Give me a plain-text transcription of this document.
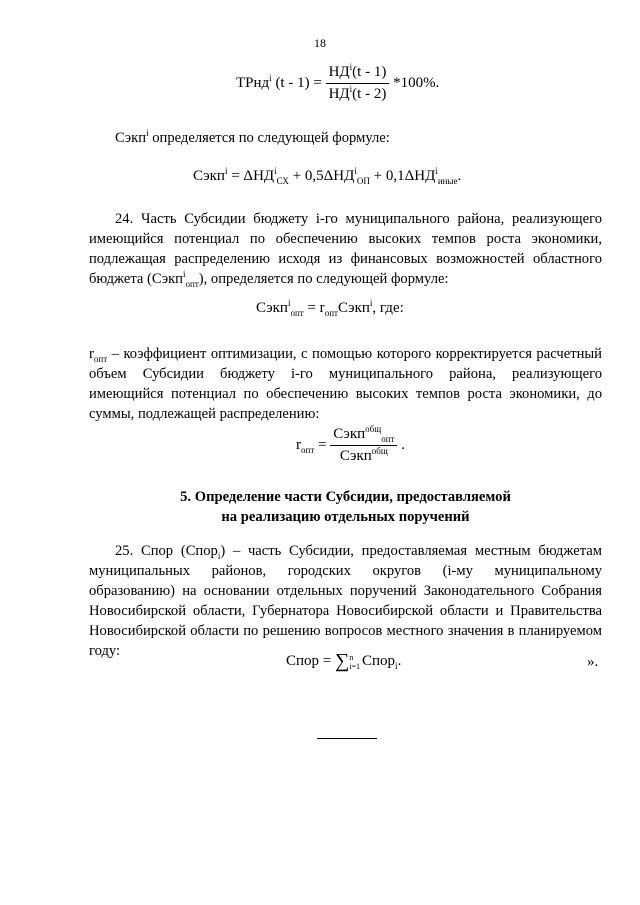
18
ТРнд$^i$ $(t - 1) = \frac{НД^i(t - 1)}{НД^i(t - 2)} *100\%$.
Сэкп$^i$ определяется по следующей формуле:
Сэкп$^i$ = $\Delta НД^i_{СХ} + 0,5\Delta НД^i_{ОП} + 0,1\Delta НД^i_{иные}$.
24. Часть Субсидии бюджету i-го муниципального района, реализующего имеющийся потенциал по обеспечению высоких темпов роста экономики, подлежащая распределению исходя из финансовых возможностей областного бюджета (Сэкп$^i_{опт}$), определяется по следующей формуле:
Сэкп$^i_{опт}$ = $r_{опт}Сэкп^i$, где:
$r_{опт}$ – коэффициент оптимизации, с помощью которого корректируется расчетный объем Субсидии бюджету i-го муниципального района, реализующего имеющийся потенциал по обеспечению высоких темпов роста экономики, до суммы, подлежащей распределению:
$r_{опт} = \frac{Сэкп^{общ}_{опт}}{Сэкп^{общ}}$ .
5. Определение части Субсидии, предоставляемой
на реализацию отдельных поручений
25. Спор (Спор$_i$) – часть Субсидии, предоставляемая местным бюджетам муниципальных районов, городских округов (i-му муниципальному образованию) на основании отдельных поручений Законодательного Собрания Новосибирской области, Губернатора Новосибирской области и Правительства Новосибирской области по решению вопросов местного значения в планируемом году:
Спор = ∑ n
i=1 Спор$_i$.	».
